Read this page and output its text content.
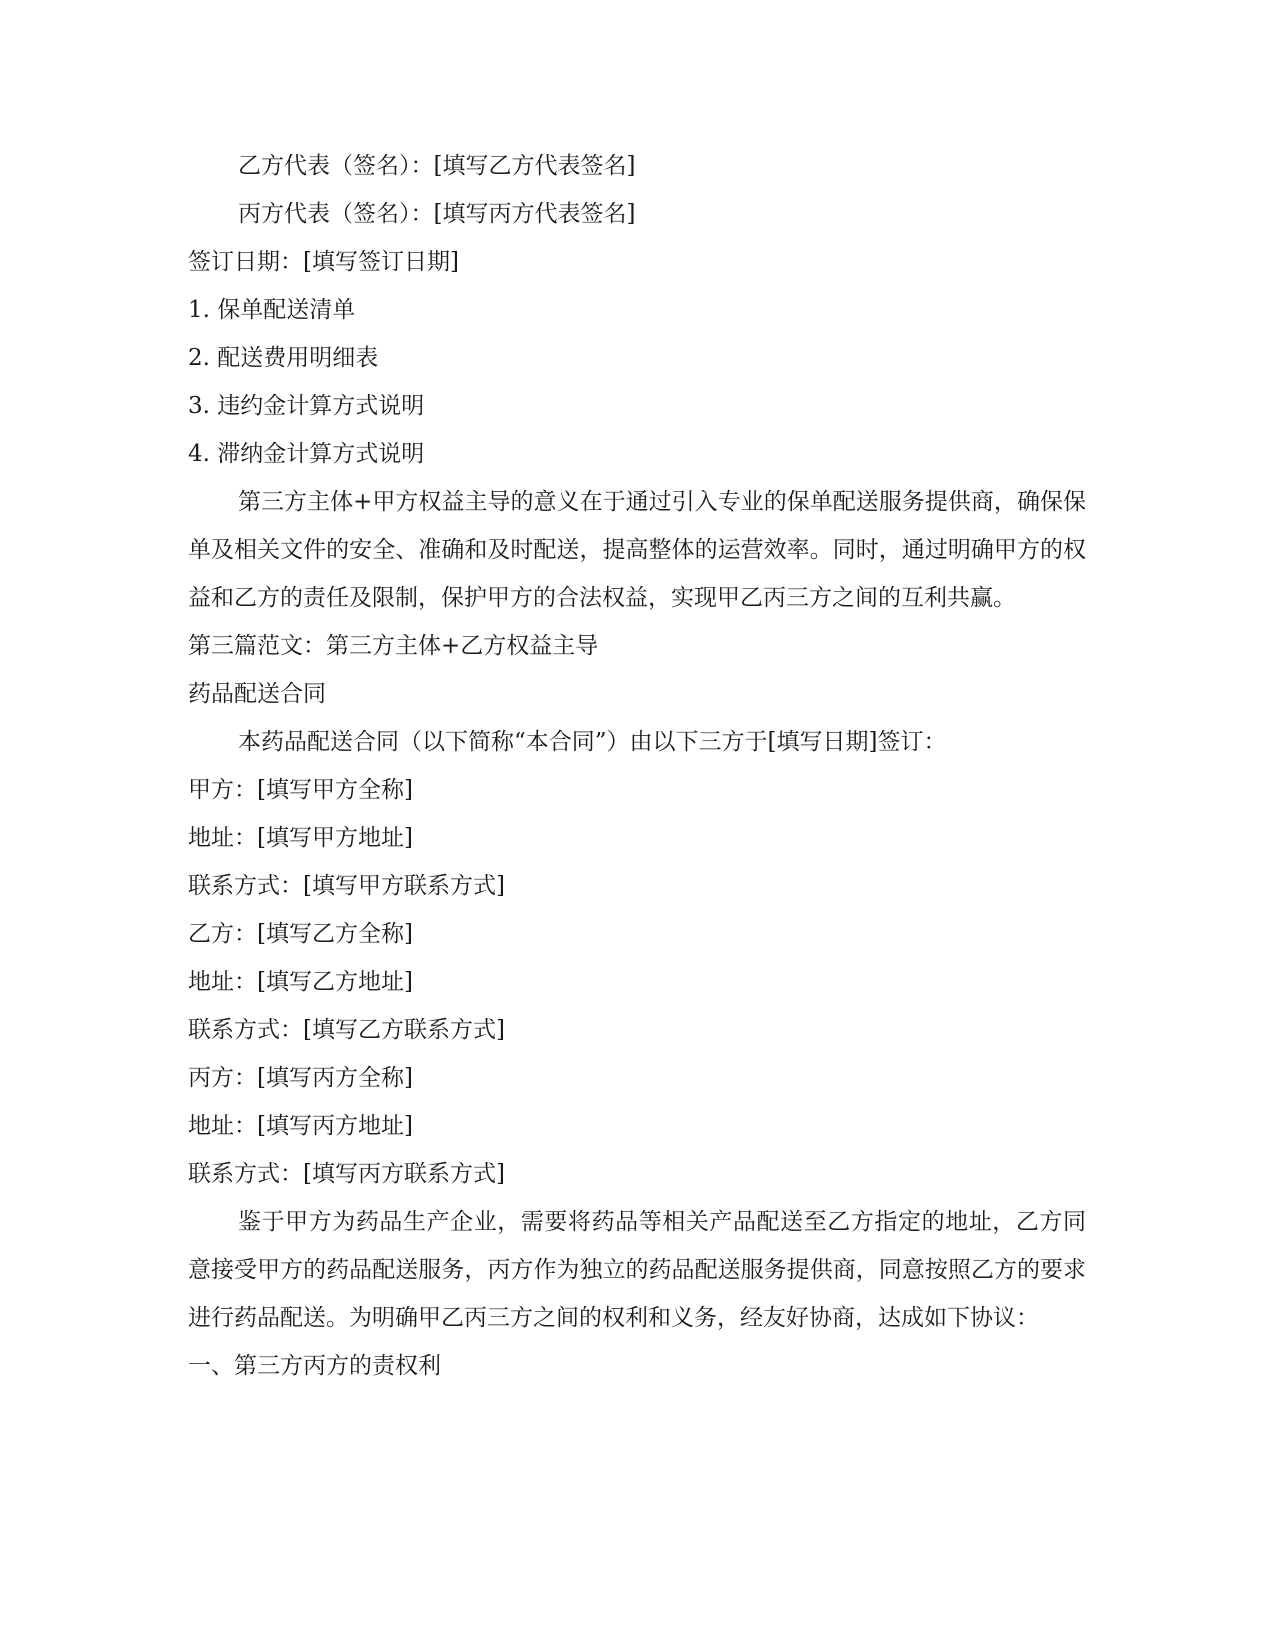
乙方代表（签名）：[填写乙方代表签名]

丙方代表（签名）：[填写丙方代表签名]

签订日期：[填写签订日期]

1. 保单配送清单

2. 配送费用明细表

3. 违约金计算方式说明

4. 滞纳金计算方式说明

第三方主体+甲方权益主导的意义在于通过引入专业的保单配送服务提供商，确保保单及相关文件的安全、准确和及时配送，提高整体的运营效率。同时，通过明确甲方的权益和乙方的责任及限制，保护甲方的合法权益，实现甲乙丙三方之间的互利共赢。

第三篇范文：第三方主体+乙方权益主导

药品配送合同

本药品配送合同（以下简称“本合同”）由以下三方于[填写日期]签订：

甲方：[填写甲方全称]

地址：[填写甲方地址]

联系方式：[填写甲方联系方式]

乙方：[填写乙方全称]

地址：[填写乙方地址]

联系方式：[填写乙方联系方式]

丙方：[填写丙方全称]

地址：[填写丙方地址]

联系方式：[填写丙方联系方式]

鉴于甲方为药品生产企业，需要将药品等相关产品配送至乙方指定的地址，乙方同意接受甲方的药品配送服务，丙方作为独立的药品配送服务提供商，同意按照乙方的要求进行药品配送。为明确甲乙丙三方之间的权利和义务，经友好协商，达成如下协议：

一、第三方丙方的责权利
